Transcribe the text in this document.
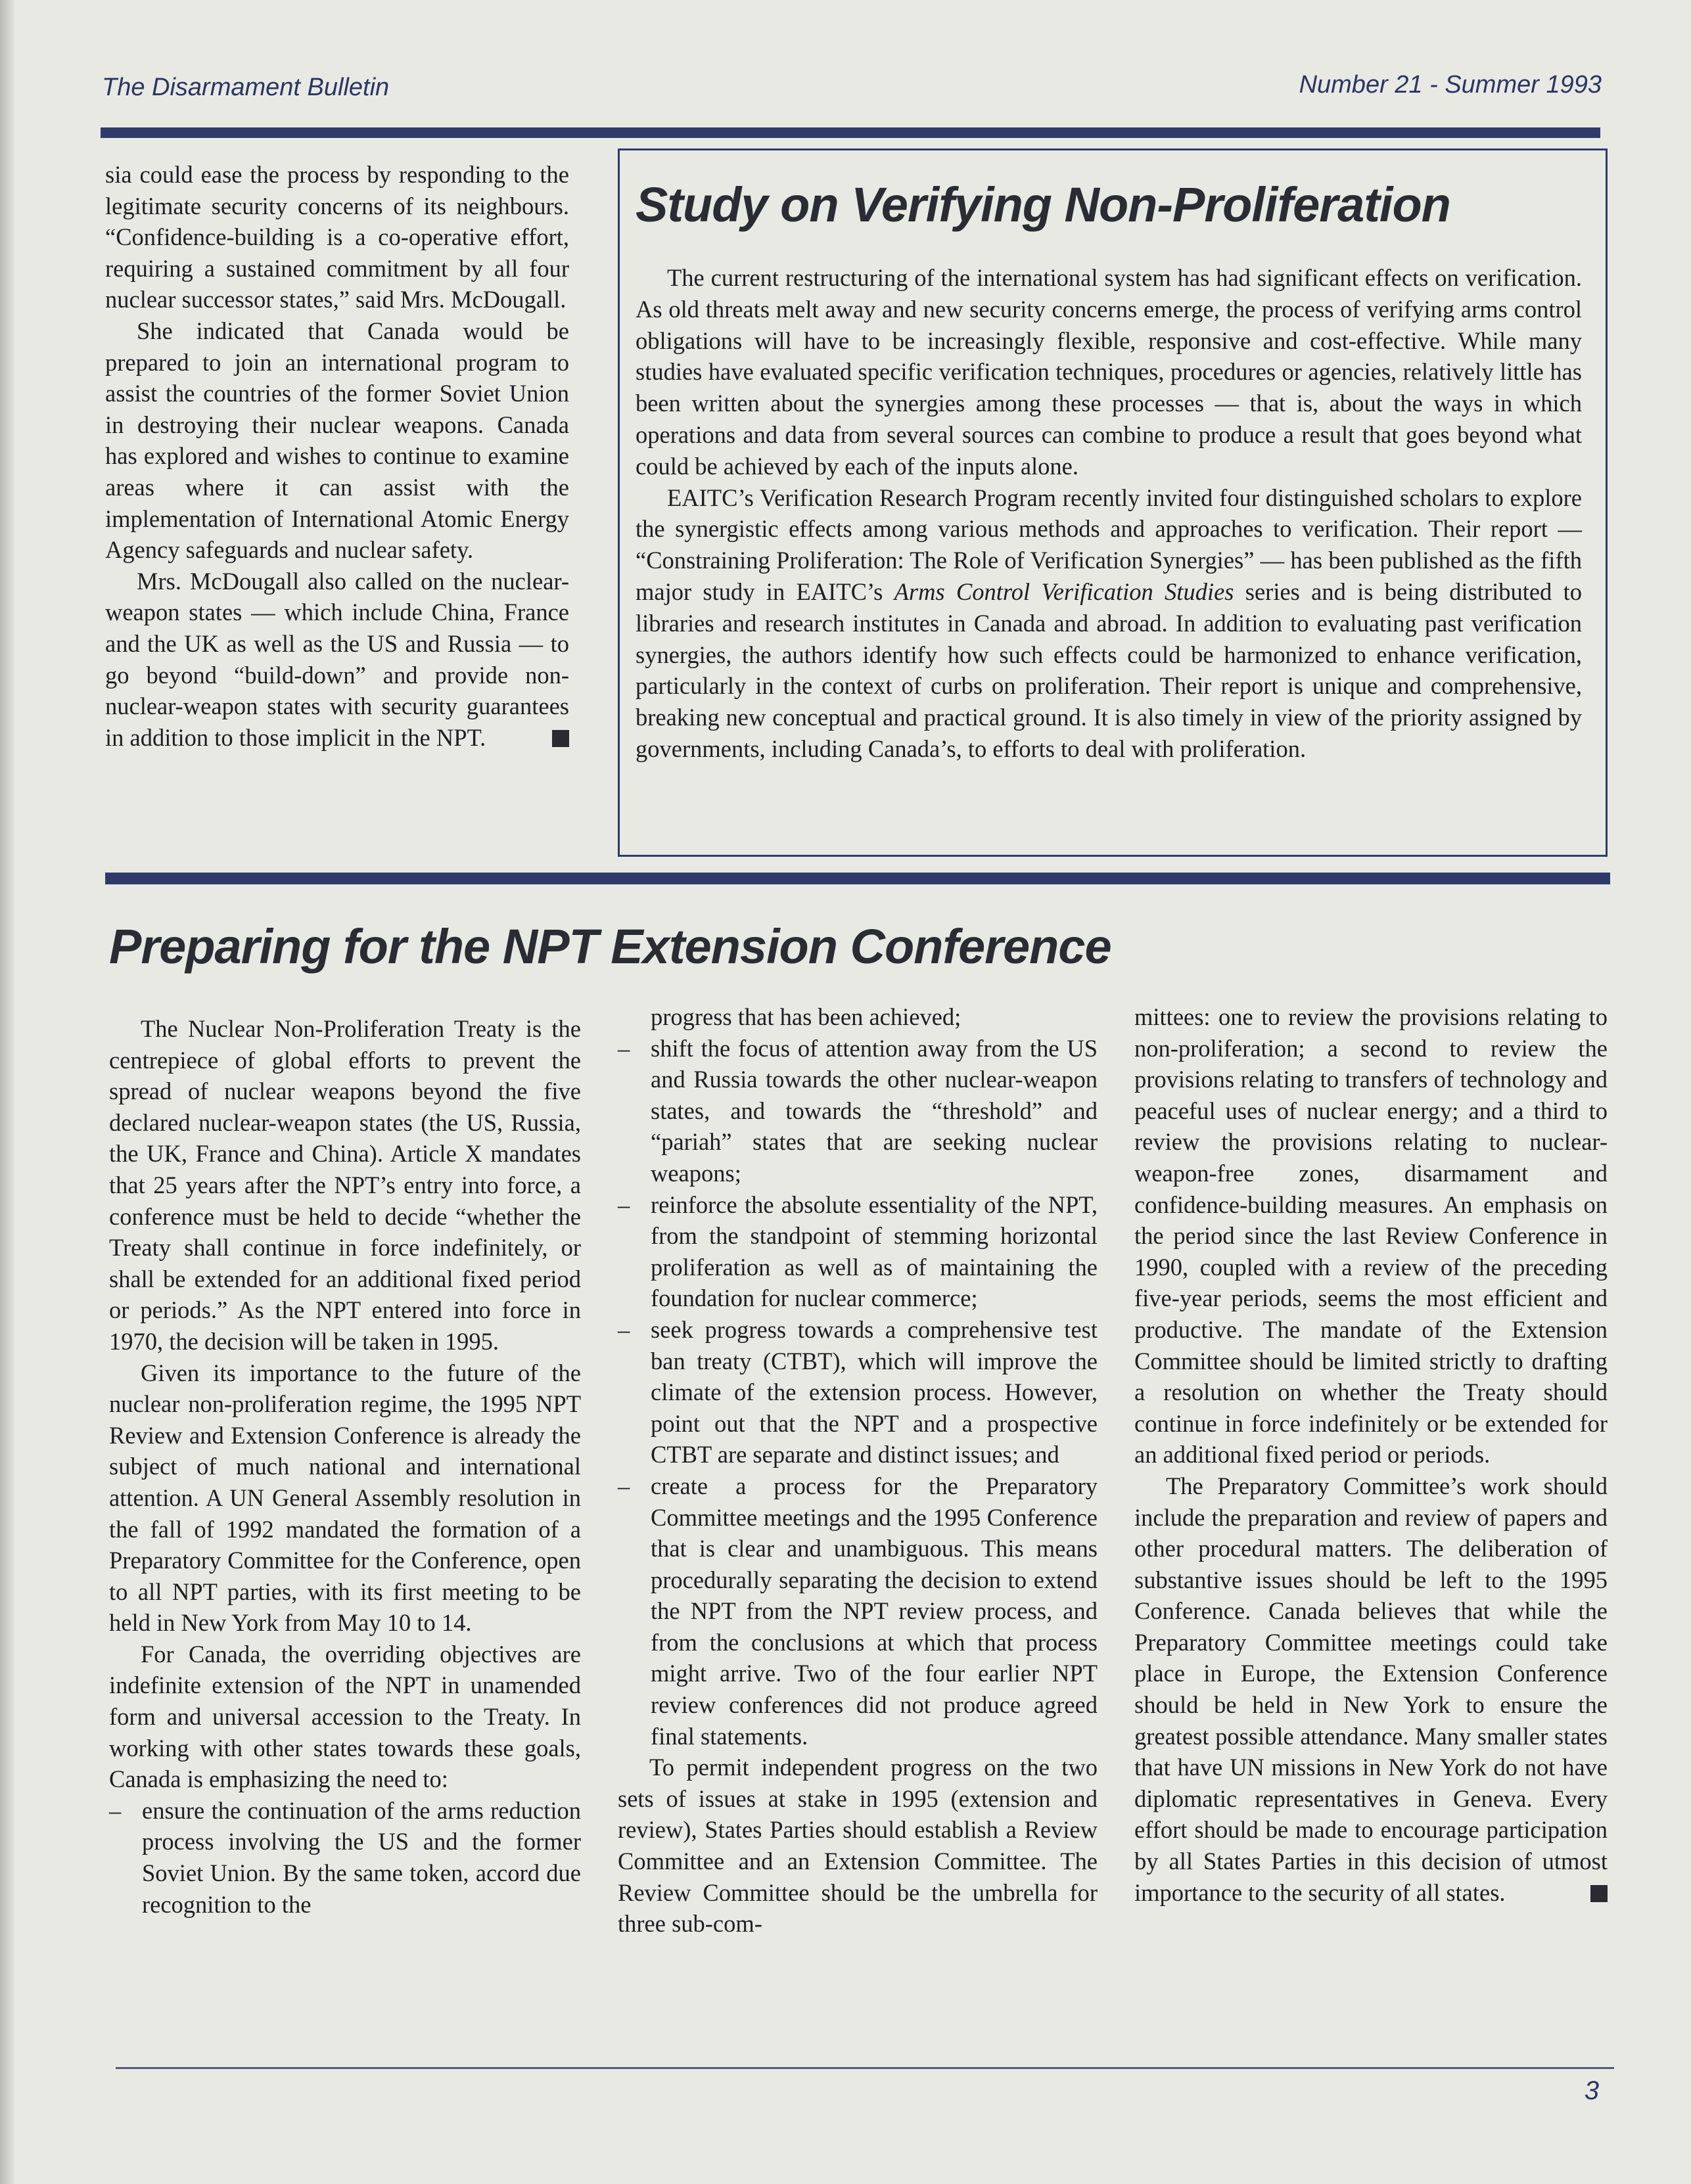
The Disarmament Bulletin	Number 21 - Summer 1993

sia could ease the process by responding to the legitimate security concerns of its neighbours. “Confidence-building is a co-operative effort, requiring a sustained commitment by all four nuclear successor states,” said Mrs. McDougall.

She indicated that Canada would be prepared to join an international program to assist the countries of the former Soviet Union in destroying their nuclear weapons. Canada has explored and wishes to continue to examine areas where it can assist with the implementation of International Atomic Energy Agency safeguards and nuclear safety.

Mrs. McDougall also called on the nuclear-weapon states — which include China, France and the UK as well as the US and Russia — to go beyond “build-down” and provide non-nuclear-weapon states with security guarantees in addition to those implicit in the NPT.

Study on Verifying Non-Proliferation

The current restructuring of the international system has had significant effects on verification. As old threats melt away and new security concerns emerge, the process of verifying arms control obligations will have to be increasingly flexible, responsive and cost-effective. While many studies have evaluated specific verification techniques, procedures or agencies, relatively little has been written about the synergies among these processes — that is, about the ways in which operations and data from several sources can combine to produce a result that goes beyond what could be achieved by each of the inputs alone.

EAITC’s Verification Research Program recently invited four distinguished scholars to explore the synergistic effects among various methods and approaches to verification. Their report — “Constraining Proliferation: The Role of Verification Synergies” — has been published as the fifth major study in EAITC’s Arms Control Verification Studies series and is being distributed to libraries and research institutes in Canada and abroad. In addition to evaluating past verification synergies, the authors identify how such effects could be harmonized to enhance verification, particularly in the context of curbs on proliferation. Their report is unique and comprehensive, breaking new conceptual and practical ground. It is also timely in view of the priority assigned by governments, including Canada’s, to efforts to deal with proliferation.

Preparing for the NPT Extension Conference

The Nuclear Non-Proliferation Treaty is the centrepiece of global efforts to prevent the spread of nuclear weapons beyond the five declared nuclear-weapon states (the US, Russia, the UK, France and China). Article X mandates that 25 years after the NPT’s entry into force, a conference must be held to decide “whether the Treaty shall continue in force indefinitely, or shall be extended for an additional fixed period or periods.” As the NPT entered into force in 1970, the decision will be taken in 1995.

Given its importance to the future of the nuclear non-proliferation regime, the 1995 NPT Review and Extension Conference is already the subject of much national and international attention. A UN General Assembly resolution in the fall of 1992 mandated the formation of a Preparatory Committee for the Conference, open to all NPT parties, with its first meeting to be held in New York from May 10 to 14.

For Canada, the overriding objectives are indefinite extension of the NPT in unamended form and universal accession to the Treaty. In working with other states towards these goals, Canada is emphasizing the need to:

– ensure the continuation of the arms reduction process involving the US and the former Soviet Union. By the same token, accord due recognition to the

progress that has been achieved;

– shift the focus of attention away from the US and Russia towards the other nuclear-weapon states, and towards the “threshold” and “pariah” states that are seeking nuclear weapons;

– reinforce the absolute essentiality of the NPT, from the standpoint of stemming horizontal proliferation as well as of maintaining the foundation for nuclear commerce;

– seek progress towards a comprehensive test ban treaty (CTBT), which will improve the climate of the extension process. However, point out that the NPT and a prospective CTBT are separate and distinct issues; and

– create a process for the Preparatory Committee meetings and the 1995 Conference that is clear and unambiguous. This means procedurally separating the decision to extend the NPT from the NPT review process, and from the conclusions at which that process might arrive. Two of the four earlier NPT review conferences did not produce agreed final statements.

To permit independent progress on the two sets of issues at stake in 1995 (extension and review), States Parties should establish a Review Committee and an Extension Committee. The Review Committee should be the umbrella for three sub-com-

mittees: one to review the provisions relating to non-proliferation; a second to review the provisions relating to transfers of technology and peaceful uses of nuclear energy; and a third to review the provisions relating to nuclear-weapon-free zones, disarmament and confidence-building measures. An emphasis on the period since the last Review Conference in 1990, coupled with a review of the preceding five-year periods, seems the most efficient and productive. The mandate of the Extension Committee should be limited strictly to drafting a resolution on whether the Treaty should continue in force indefinitely or be extended for an additional fixed period or periods.

The Preparatory Committee’s work should include the preparation and review of papers and other procedural matters. The deliberation of substantive issues should be left to the 1995 Conference. Canada believes that while the Preparatory Committee meetings could take place in Europe, the Extension Conference should be held in New York to ensure the greatest possible attendance. Many smaller states that have UN missions in New York do not have diplomatic representatives in Geneva. Every effort should be made to encourage participation by all States Parties in this decision of utmost importance to the security of all states.

3
